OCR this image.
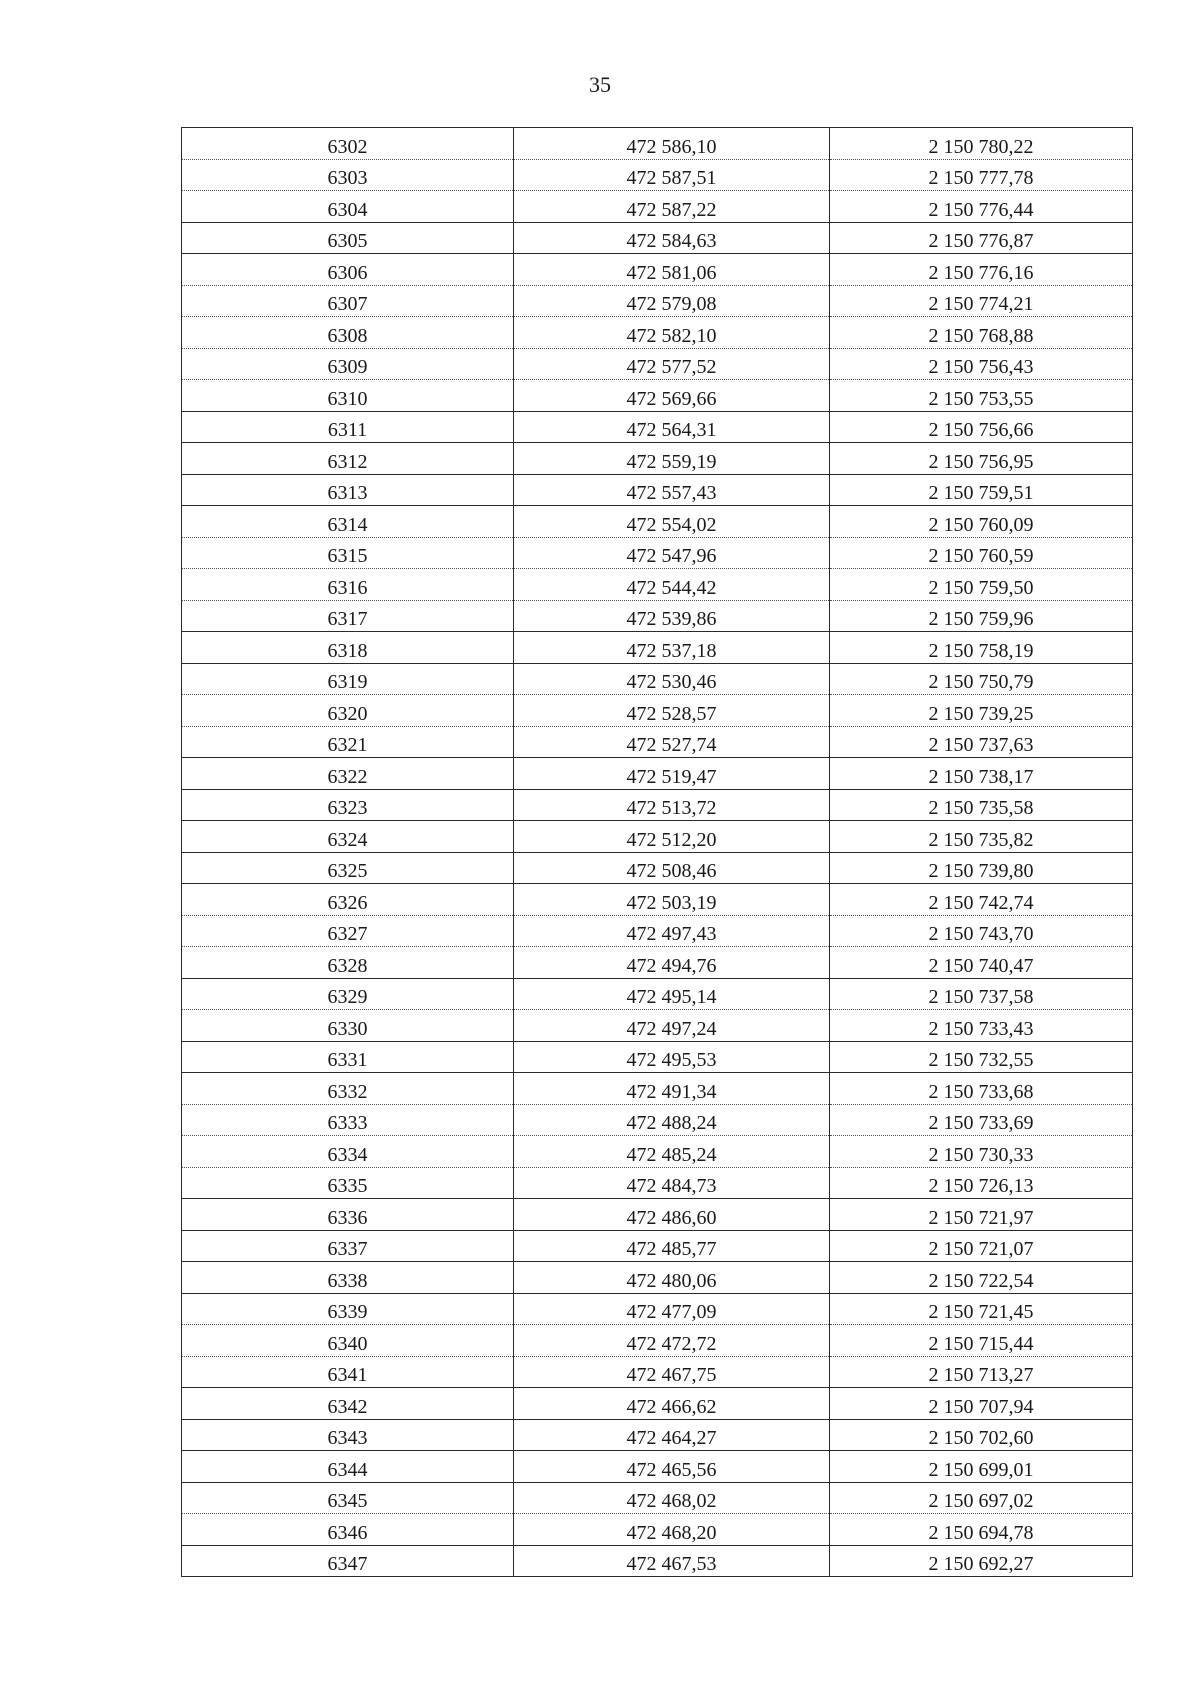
35
6302	472 586,10	2 150 780,22
6303	472 587,51	2 150 777,78
6304	472 587,22	2 150 776,44
6305	472 584,63	2 150 776,87
6306	472 581,06	2 150 776,16
6307	472 579,08	2 150 774,21
6308	472 582,10	2 150 768,88
6309	472 577,52	2 150 756,43
6310	472 569,66	2 150 753,55
6311	472 564,31	2 150 756,66
6312	472 559,19	2 150 756,95
6313	472 557,43	2 150 759,51
6314	472 554,02	2 150 760,09
6315	472 547,96	2 150 760,59
6316	472 544,42	2 150 759,50
6317	472 539,86	2 150 759,96
6318	472 537,18	2 150 758,19
6319	472 530,46	2 150 750,79
6320	472 528,57	2 150 739,25
6321	472 527,74	2 150 737,63
6322	472 519,47	2 150 738,17
6323	472 513,72	2 150 735,58
6324	472 512,20	2 150 735,82
6325	472 508,46	2 150 739,80
6326	472 503,19	2 150 742,74
6327	472 497,43	2 150 743,70
6328	472 494,76	2 150 740,47
6329	472 495,14	2 150 737,58
6330	472 497,24	2 150 733,43
6331	472 495,53	2 150 732,55
6332	472 491,34	2 150 733,68
6333	472 488,24	2 150 733,69
6334	472 485,24	2 150 730,33
6335	472 484,73	2 150 726,13
6336	472 486,60	2 150 721,97
6337	472 485,77	2 150 721,07
6338	472 480,06	2 150 722,54
6339	472 477,09	2 150 721,45
6340	472 472,72	2 150 715,44
6341	472 467,75	2 150 713,27
6342	472 466,62	2 150 707,94
6343	472 464,27	2 150 702,60
6344	472 465,56	2 150 699,01
6345	472 468,02	2 150 697,02
6346	472 468,20	2 150 694,78
6347	472 467,53	2 150 692,27
